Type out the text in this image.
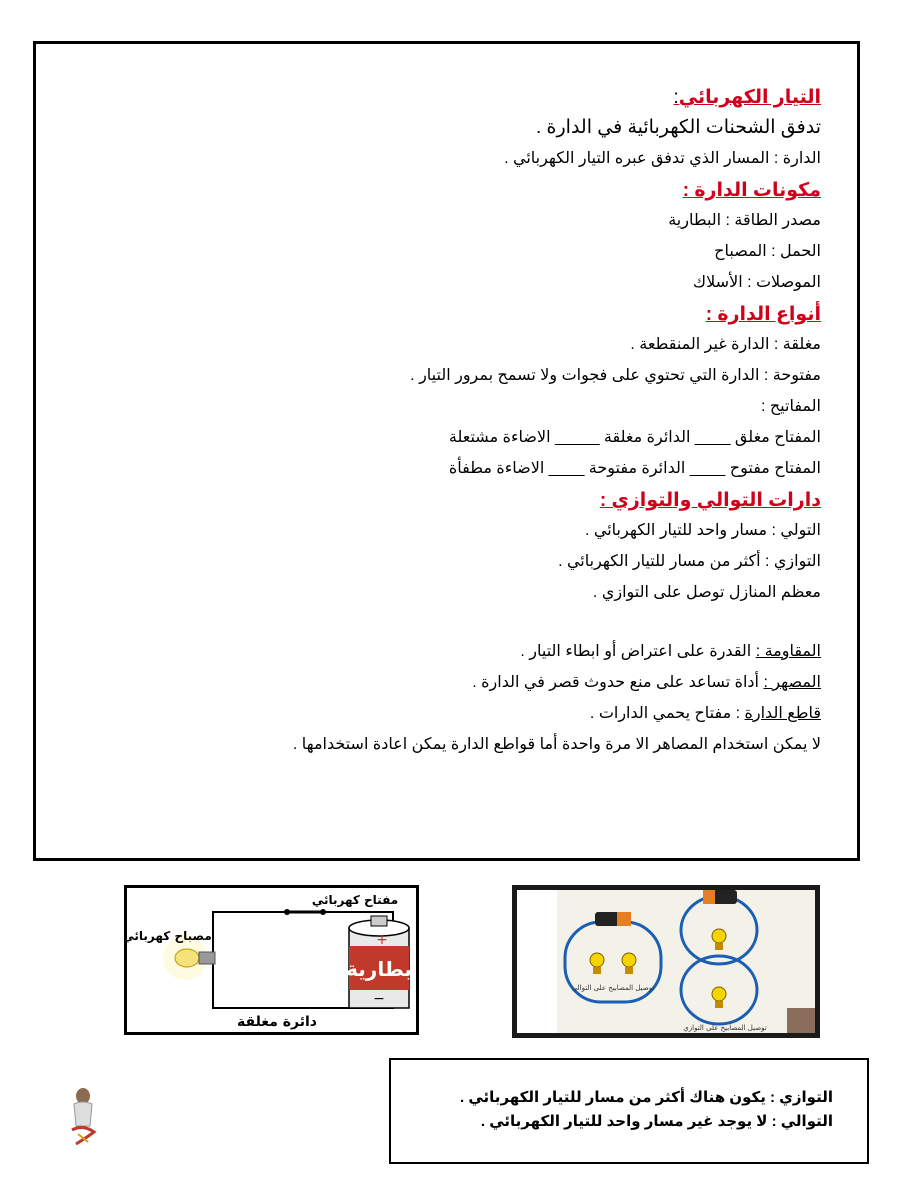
التيار الكهربائي:
تدفق الشحنات الكهربائية في الدارة .
الدارة : المسار الذي تدفق عبره التيار الكهربائي .
مكونات الدارة :
مصدر الطاقة : البطارية
الحمل : المصباح
الموصلات : الأسلاك
أنواع الدارة :
مغلقة : الدارة غير المنقطعة .
مفتوحة : الدارة التي تحتوي على فجوات ولا تسمح بمرور التيار .
المفاتيح :
المفتاح مغلق ____ الدائرة مغلقة _____ الاضاءة مشتعلة
المفتاح مفتوح ____ الدائرة مفتوحة ____ الاضاءة مطفأة
دارات التوالي والتوازي :
التولي : مسار واحد للتيار الكهربائي .
التوازي : أكثر من مسار للتيار الكهربائي .
معظم المنازل توصل على التوازي .
المقاومة : القدرة على اعتراض أو ابطاء التيار .
المصهر : أداة تساعد على منع حدوث قصر في الدارة .
قاطع الدارة : مفتاح يحمي الدارات .
لا يمكن استخدام المصاهر الا مرة واحدة أما قواطع الدارة يمكن اعادة استخدامها .
+
بطارية
−
مفتاح كهربائي
مصباح كهربائي
دائرة مغلقة
توصيل المصابيح على التوالي
توصيل المصابيح على التوازي
التوازي : يكون هناك أكثر من مسار للتيار الكهربائي .
التوالي : لا يوجد غير مسار واحد للتيار الكهربائي .
